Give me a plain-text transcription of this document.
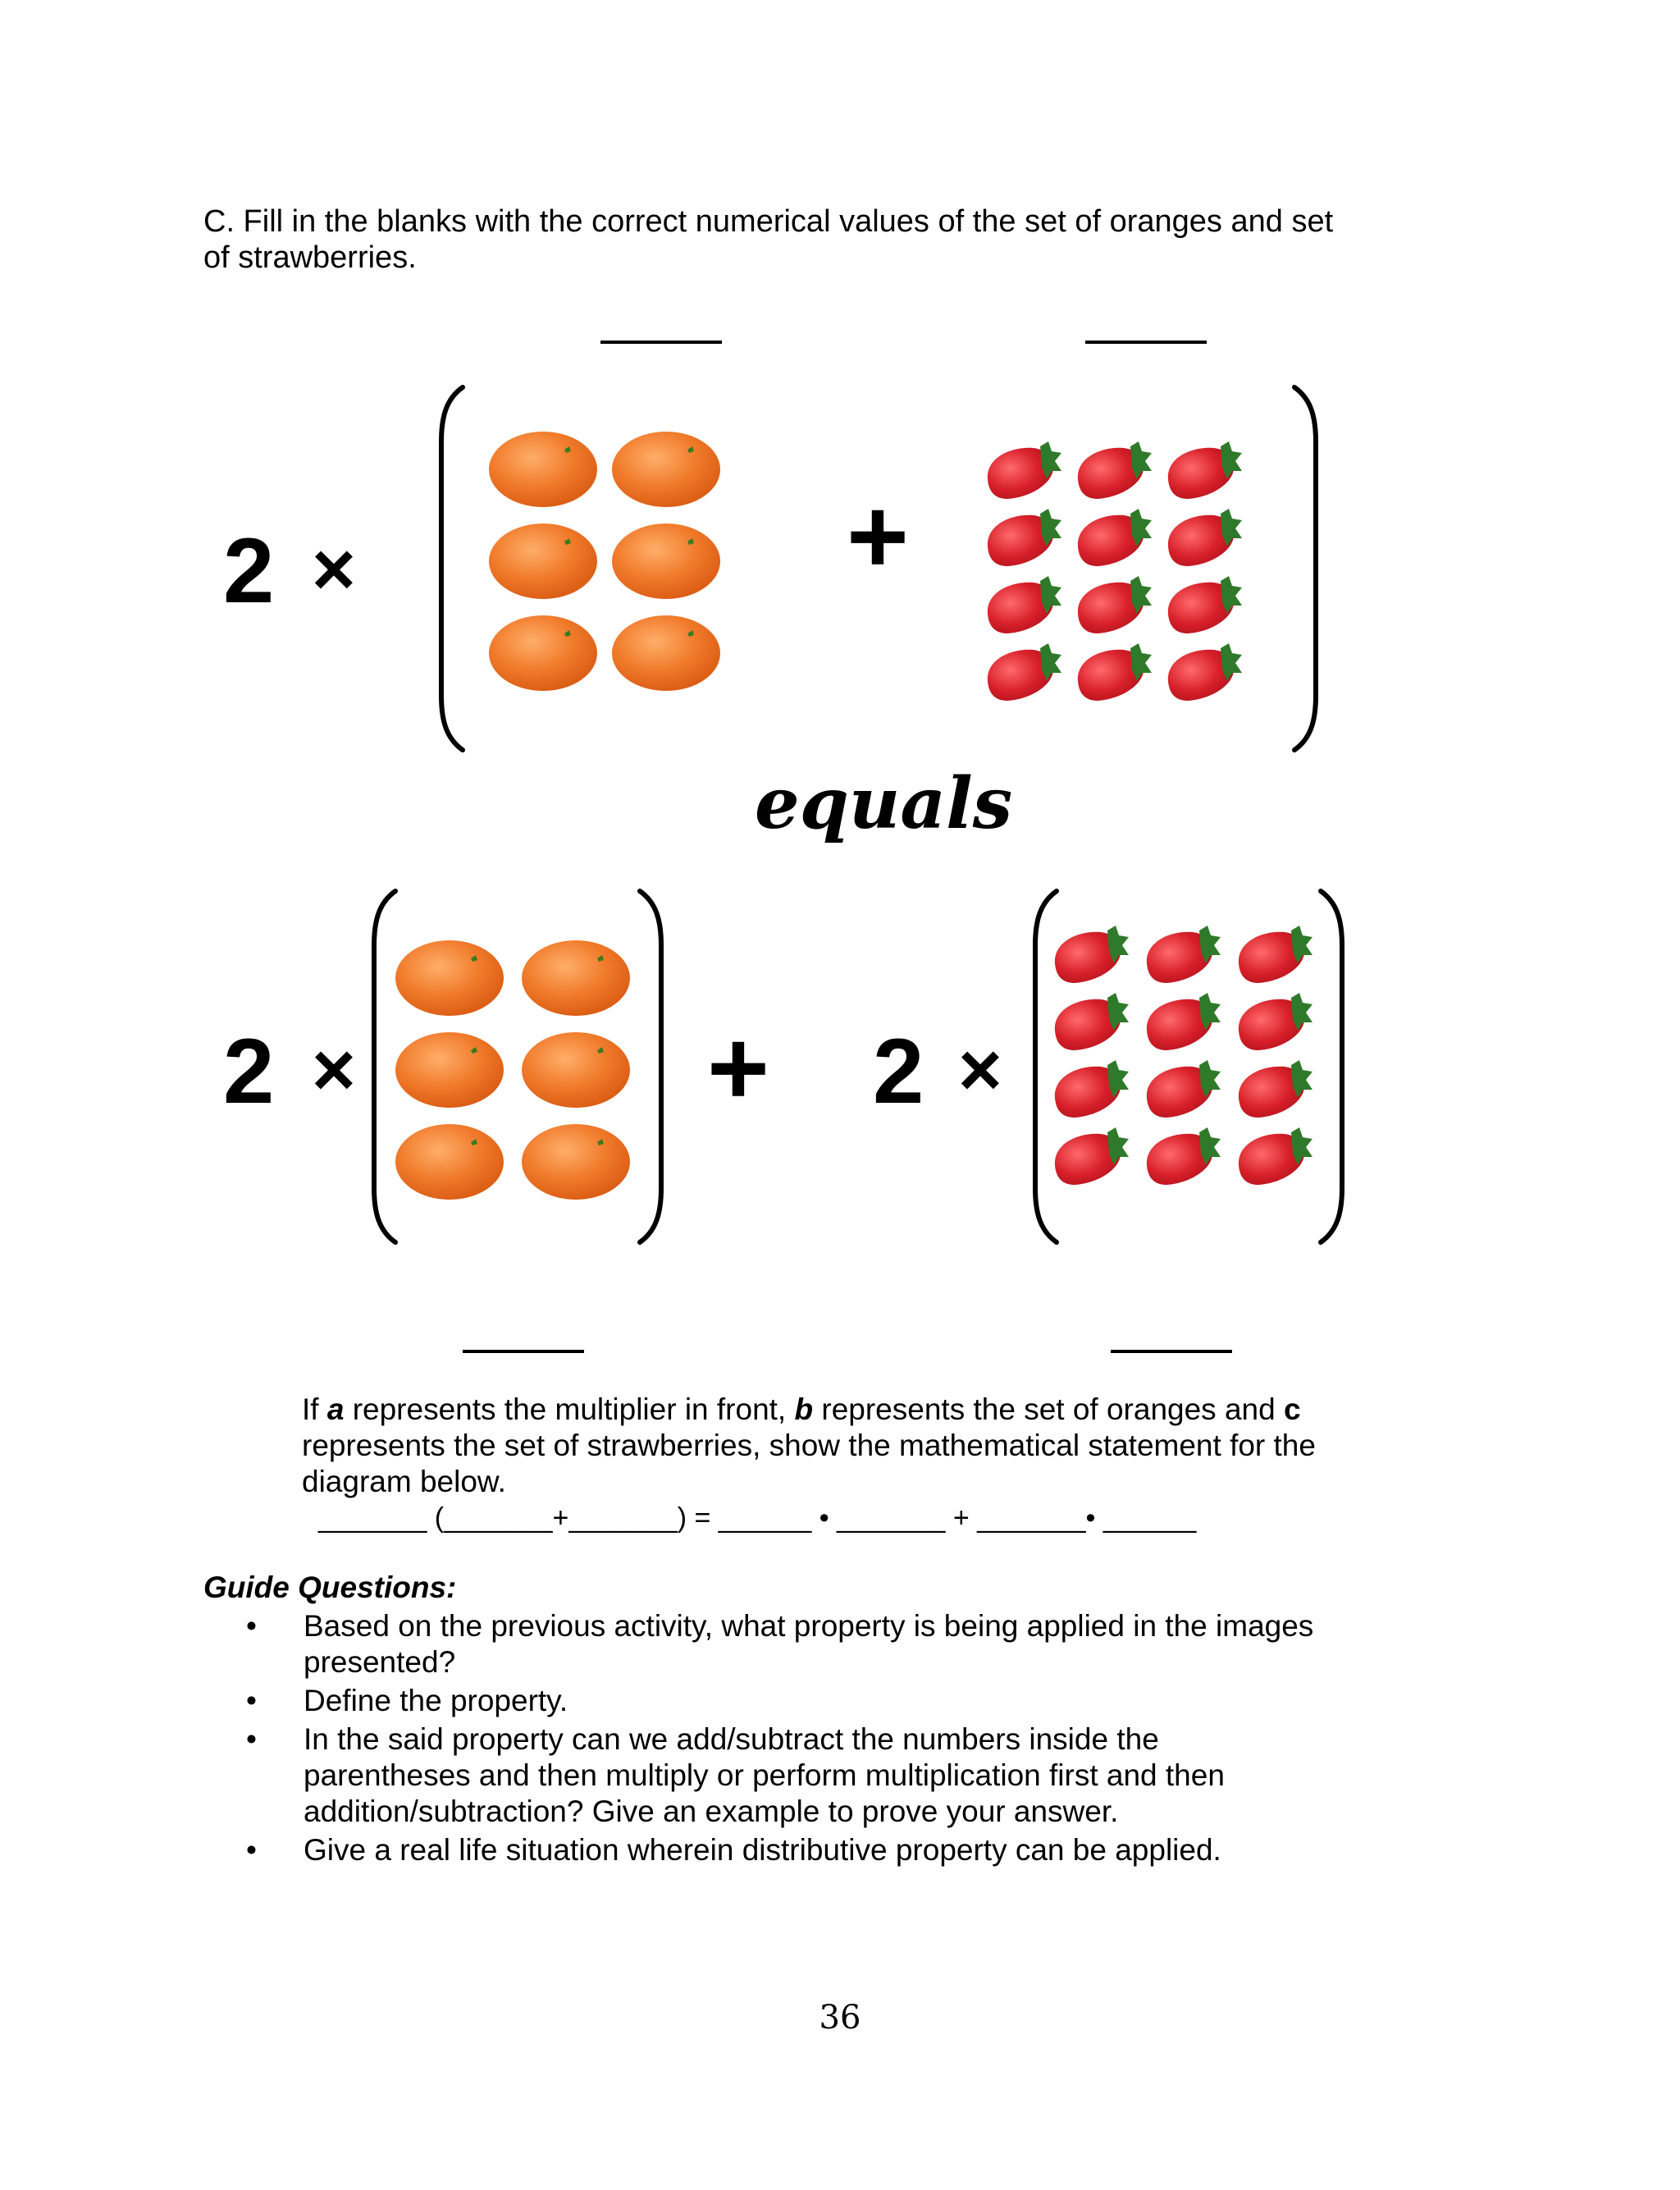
C. Fill in the blanks with the correct numerical values of the set of oranges and set of strawberries.
2 ×	+
equals
2 ×	+ 2 ×
If a represents the multiplier in front, b represents the set of oranges and c represents the set of strawberries, show the mathematical statement for the diagram below.
_______ (_______+_______) = ______ • _______ + _______• ______
Guide Questions:
• Based on the previous activity, what property is being applied in the images presented?
• Define the property.
• In the said property can we add/subtract the numbers inside the parentheses and then multiply or perform multiplication first and then addition/subtraction? Give an example to prove your answer.
• Give a real life situation wherein distributive property can be applied.
36
